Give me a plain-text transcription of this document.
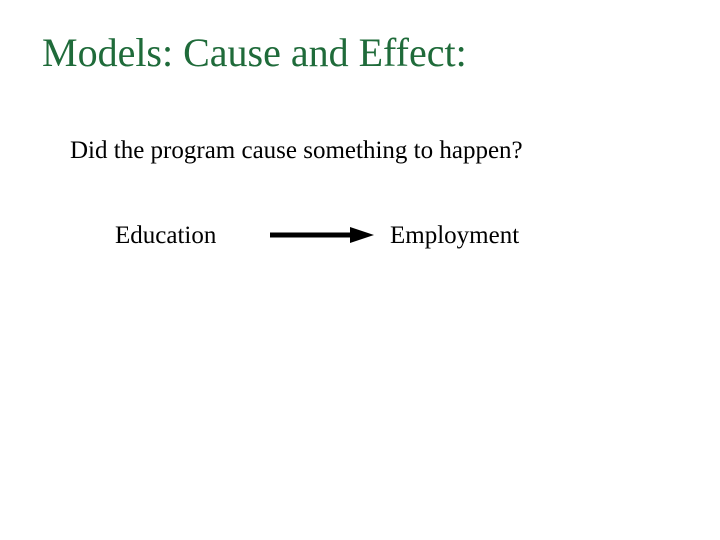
Models: Cause and Effect:
Did the program cause something to happen?
Education	Employment
